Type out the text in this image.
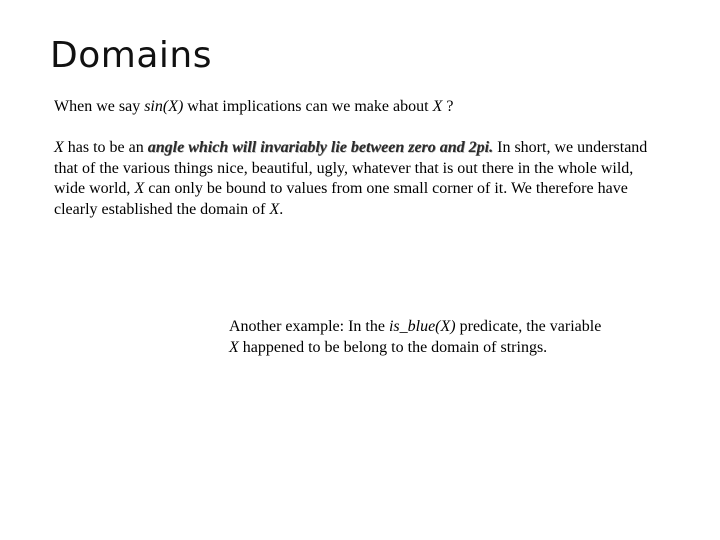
Domains
When we say sin(X) what implications can we make about X ?
X has to be an angle which will invariably lie between zero and 2pi. In short, we understand that of the various things nice, beautiful, ugly, whatever that is out there in the whole wild, wide world, X can only be bound to values from one small corner of it. We therefore have clearly established the domain of X.
Another example: In the is_blue(X) predicate, the variable X happened to be belong to the domain of strings.
